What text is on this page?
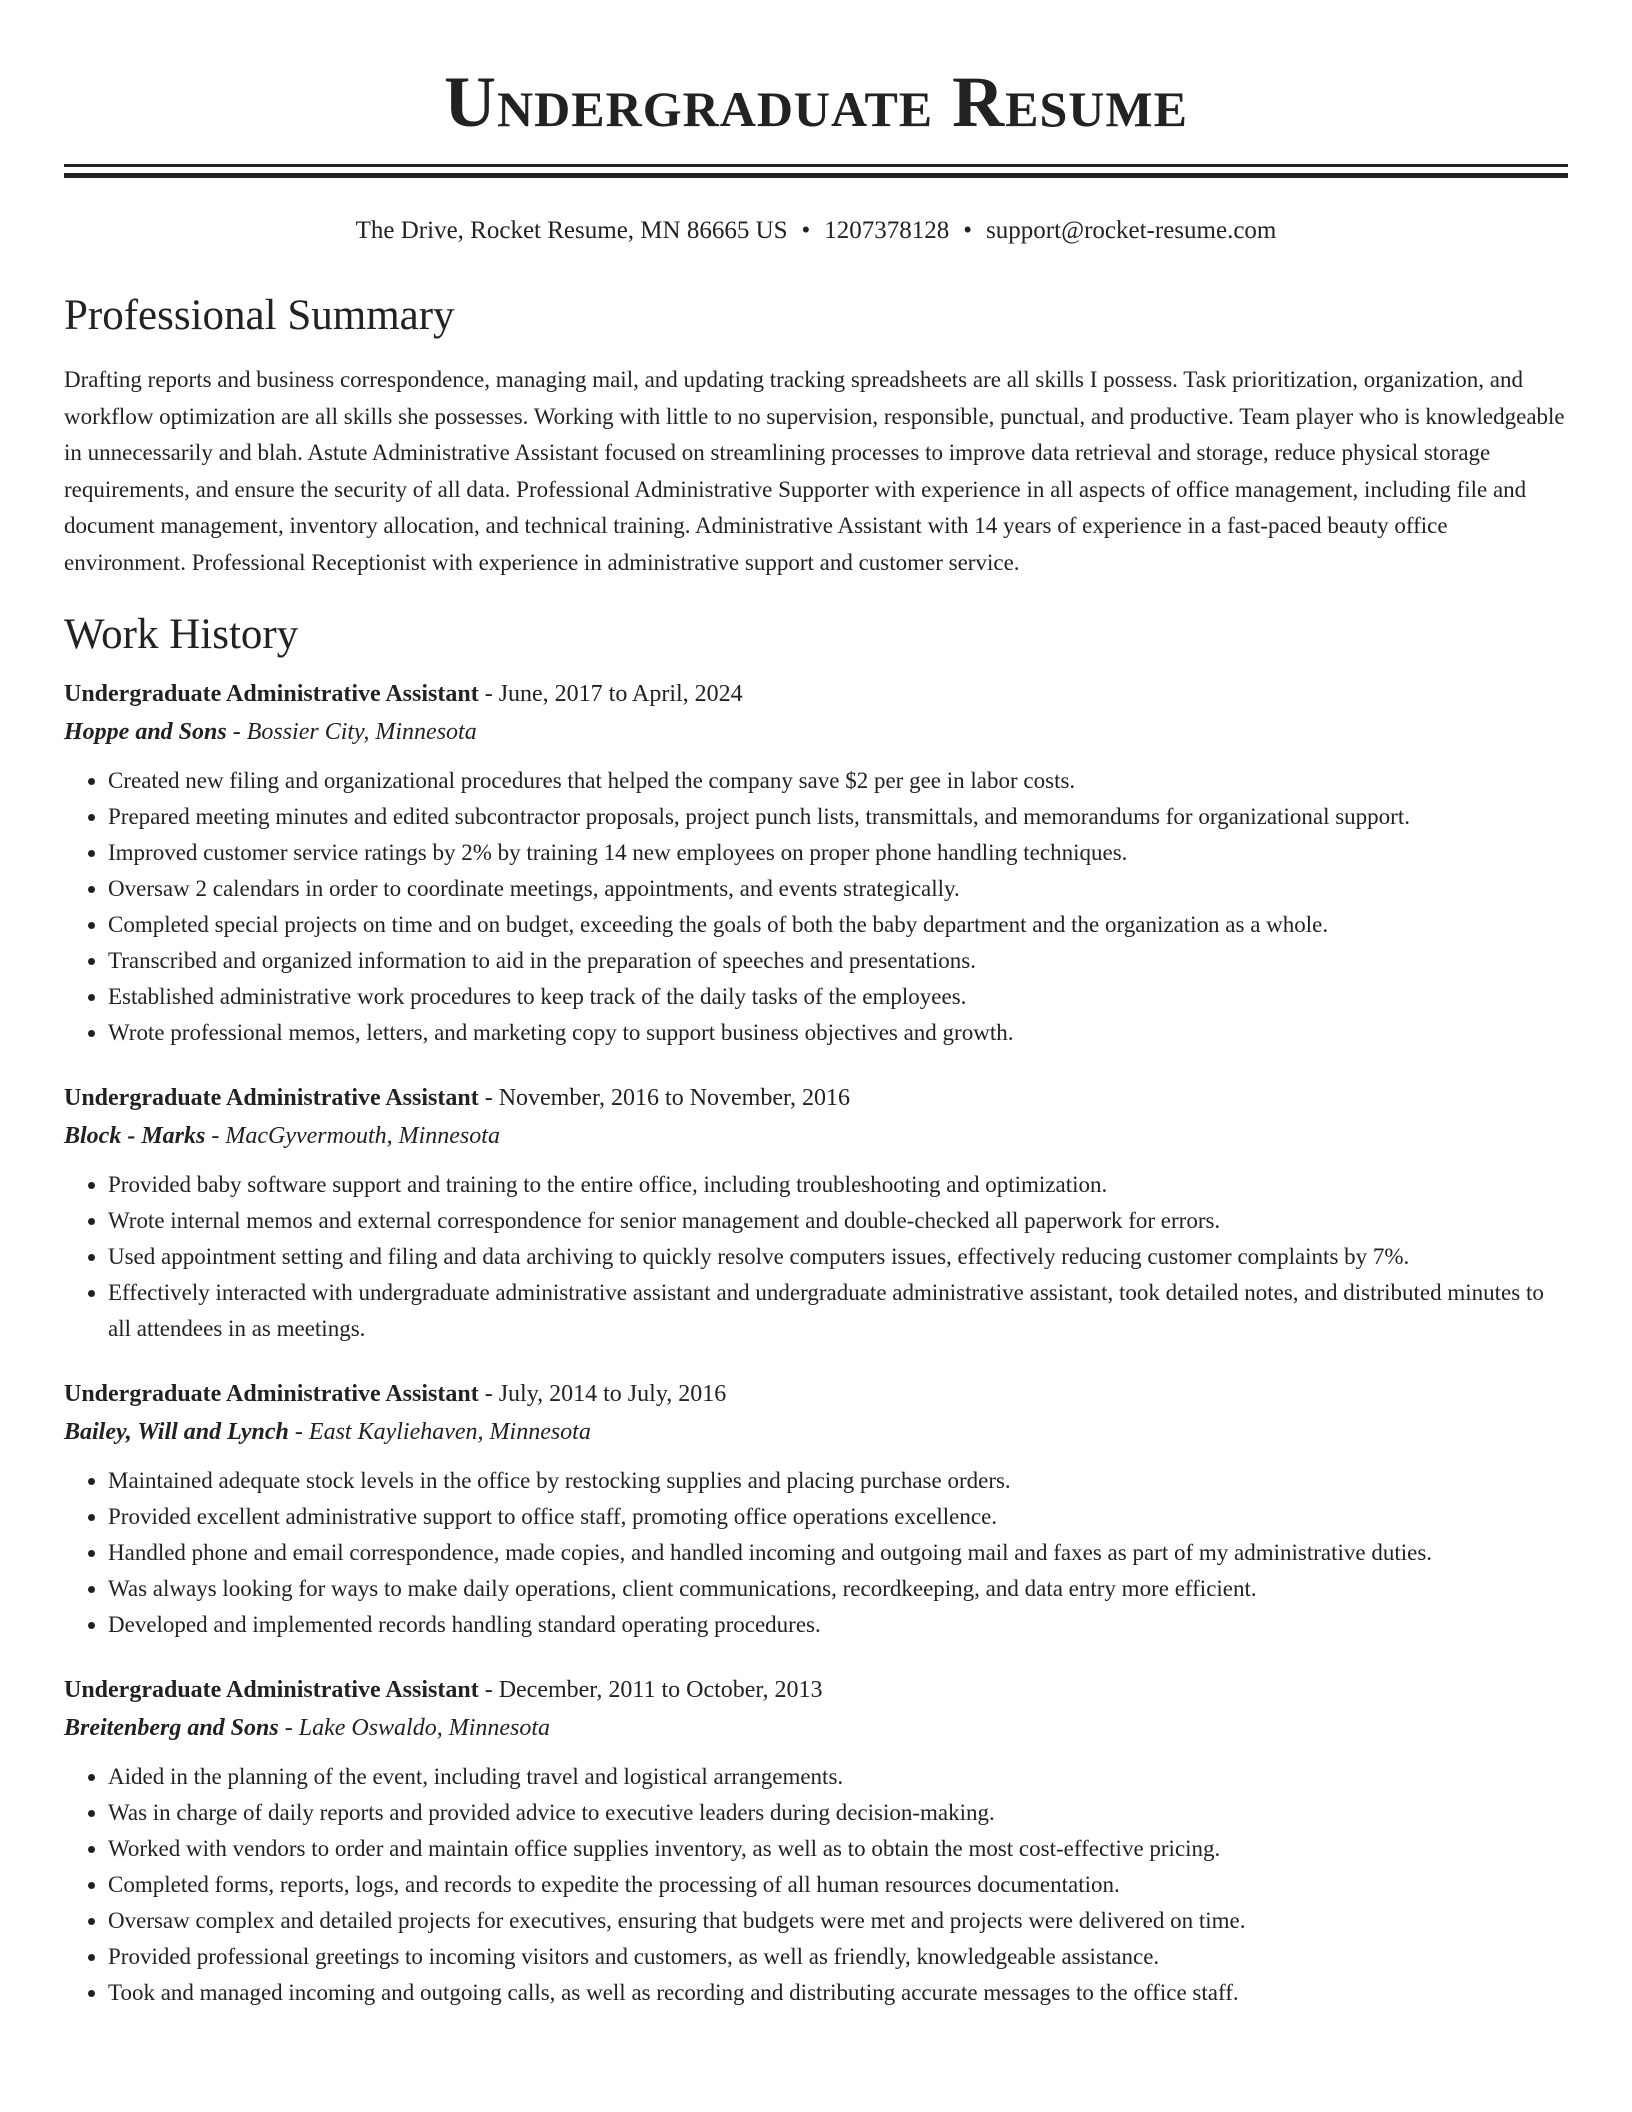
Undergraduate Resume
The Drive, Rocket Resume, MN 86665 US • 1207378128 • support@rocket-resume.com
Professional Summary

Drafting reports and business correspondence, managing mail, and updating tracking spreadsheets are all skills I possess. Task prioritization, organization, and workflow optimization are all skills she possesses. Working with little to no supervision, responsible, punctual, and productive. Team player who is knowledgeable in unnecessarily and blah. Astute Administrative Assistant focused on streamlining processes to improve data retrieval and storage, reduce physical storage requirements, and ensure the security of all data. Professional Administrative Supporter with experience in all aspects of office management, including file and document management, inventory allocation, and technical training. Administrative Assistant with 14 years of experience in a fast-paced beauty office environment. Professional Receptionist with experience in administrative support and customer service.

Work History
Undergraduate Administrative Assistant - June, 2017 to April, 2024
Hoppe and Sons - Bossier City, Minnesota
• Created new filing and organizational procedures that helped the company save $2 per gee in labor costs.
• Prepared meeting minutes and edited subcontractor proposals, project punch lists, transmittals, and memorandums for organizational support.
• Improved customer service ratings by 2% by training 14 new employees on proper phone handling techniques.
• Oversaw 2 calendars in order to coordinate meetings, appointments, and events strategically.
• Completed special projects on time and on budget, exceeding the goals of both the baby department and the organization as a whole.
• Transcribed and organized information to aid in the preparation of speeches and presentations.
• Established administrative work procedures to keep track of the daily tasks of the employees.
• Wrote professional memos, letters, and marketing copy to support business objectives and growth.
Undergraduate Administrative Assistant - November, 2016 to November, 2016
Block - Marks - MacGyvermouth, Minnesota
• Provided baby software support and training to the entire office, including troubleshooting and optimization.
• Wrote internal memos and external correspondence for senior management and double-checked all paperwork for errors.
• Used appointment setting and filing and data archiving to quickly resolve computers issues, effectively reducing customer complaints by 7%.
• Effectively interacted with undergraduate administrative assistant and undergraduate administrative assistant, took detailed notes, and distributed minutes to all attendees in as meetings.
Undergraduate Administrative Assistant - July, 2014 to July, 2016
Bailey, Will and Lynch - East Kayliehaven, Minnesota
• Maintained adequate stock levels in the office by restocking supplies and placing purchase orders.
• Provided excellent administrative support to office staff, promoting office operations excellence.
• Handled phone and email correspondence, made copies, and handled incoming and outgoing mail and faxes as part of my administrative duties.
• Was always looking for ways to make daily operations, client communications, recordkeeping, and data entry more efficient.
• Developed and implemented records handling standard operating procedures.
Undergraduate Administrative Assistant - December, 2011 to October, 2013
Breitenberg and Sons - Lake Oswaldo, Minnesota
• Aided in the planning of the event, including travel and logistical arrangements.
• Was in charge of daily reports and provided advice to executive leaders during decision-making.
• Worked with vendors to order and maintain office supplies inventory, as well as to obtain the most cost-effective pricing.
• Completed forms, reports, logs, and records to expedite the processing of all human resources documentation.
• Oversaw complex and detailed projects for executives, ensuring that budgets were met and projects were delivered on time.
• Provided professional greetings to incoming visitors and customers, as well as friendly, knowledgeable assistance.
• Took and managed incoming and outgoing calls, as well as recording and distributing accurate messages to the office staff.
